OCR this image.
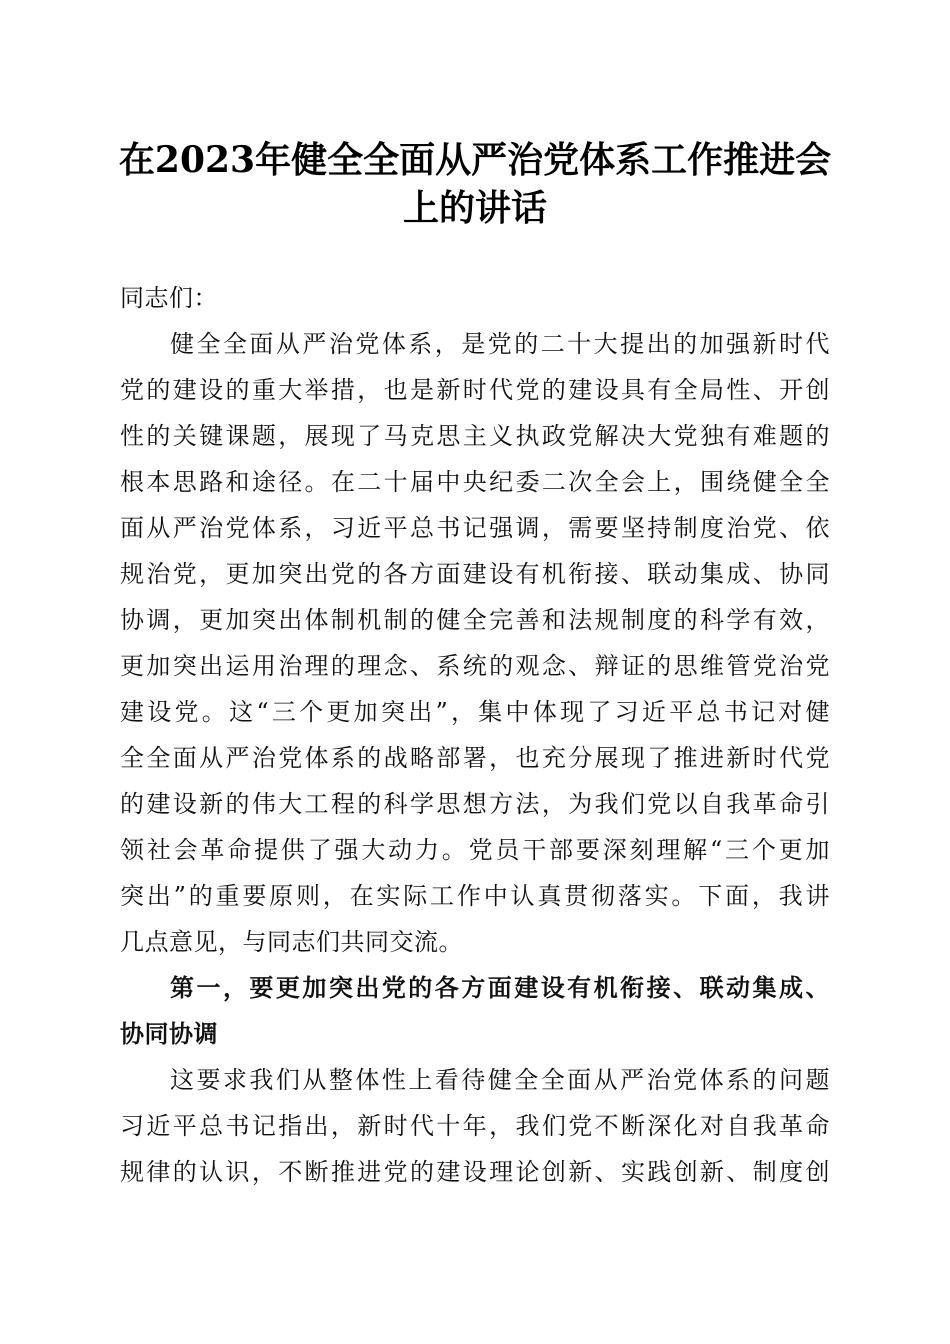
在2023年健全全面从严治党体系工作推进会
上的讲话
同志们：
健全全面从严治党体系，是党的二十大提出的加强新时代
党的建设的重大举措，也是新时代党的建设具有全局性、开创
性的关键课题，展现了马克思主义执政党解决大党独有难题的
根本思路和途径。在二十届中央纪委二次全会上，围绕健全全
面从严治党体系，习近平总书记强调，需要坚持制度治党、依
规治党，更加突出党的各方面建设有机衔接、联动集成、协同
协调，更加突出体制机制的健全完善和法规制度的科学有效，
更加突出运用治理的理念、系统的观念、辩证的思维管党治党
建设党。这“三个更加突出”，集中体现了习近平总书记对健
全全面从严治党体系的战略部署，也充分展现了推进新时代党
的建设新的伟大工程的科学思想方法，为我们党以自我革命引
领社会革命提供了强大动力。党员干部要深刻理解“三个更加
突出”的重要原则，在实际工作中认真贯彻落实。下面，我讲
几点意见，与同志们共同交流。
第一，要更加突出党的各方面建设有机衔接、联动集成、
协同协调
这要求我们从整体性上看待健全全面从严治党体系的问题
习近平总书记指出，新时代十年，我们党不断深化对自我革命
规律的认识，不断推进党的建设理论创新、实践创新、制度创
